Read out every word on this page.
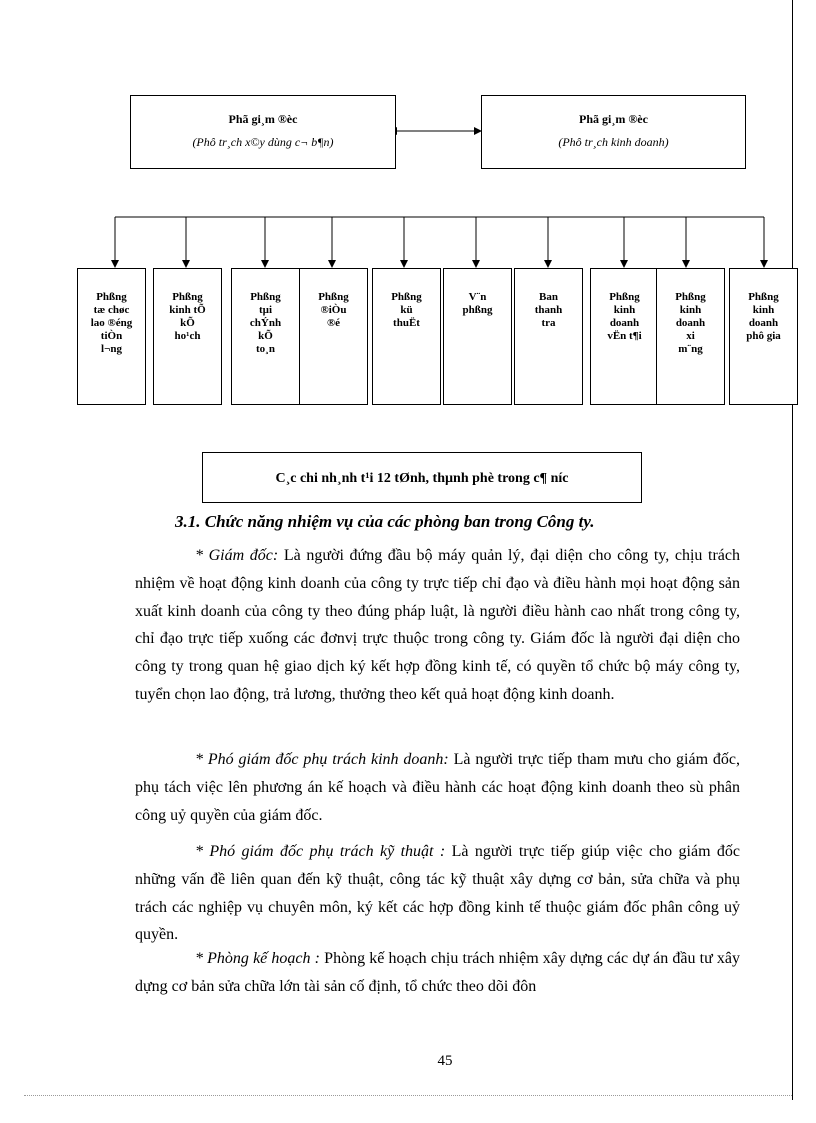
Phã gi¸m ®èc
(Phô tr¸ch x©y dùng c¬ b¶n)
Phã gi¸m ®èc
(Phô tr¸ch kinh doanh)
Phßng
tæ chøc
lao ®éng
tiÒn
l¬ng
Phßng
kinh tÕ
kÕ
ho¹ch
Phßng
tµi
chÝnh
kÕ
to¸n
Phßng
®iÒu
®é
Phßng
kü
thuËt
V¨n
phßng
Ban
thanh
tra
Phßng
kinh
doanh
vËn t¶i
Phßng
kinh
doanh
xi
m¨ng
Phßng
kinh
doanh
phô gia
C¸c chi nh¸nh t¹i 12 tØnh, thµnh phè trong c¶ níc
3.1. Chức năng nhiệm vụ của các phòng ban trong Công ty.

* Giám đốc: Là người đứng đầu bộ máy quản lý, đại diện cho công ty, chịu trách nhiệm về hoạt động kinh doanh của công ty trực tiếp chỉ đạo và điều hành mọi hoạt động sản xuất kinh doanh của công ty theo đúng pháp luật, là người điều hành cao nhất trong công ty, chỉ đạo trực tiếp xuống các đơnvị trực thuộc trong công ty. Giám đốc là người đại diện cho công ty trong quan hệ giao dịch ký kết hợp đồng kinh tế, có quyền tổ chức bộ máy công ty, tuyển chọn lao động, trả lương, thưởng theo kết quả hoạt động kinh doanh.

* Phó giám đốc phụ trách kinh doanh: Là người trực tiếp tham mưu cho giám đốc, phụ tách việc lên phương án kế hoạch và điều hành các hoạt động kinh doanh theo sù phân công uỷ quyền của giám đốc.

* Phó giám đốc phụ trách kỹ thuật : Là người trực tiếp giúp việc cho giám đốc những vấn đề liên quan đến kỹ thuật, công tác kỹ thuật xây dựng cơ bản, sửa chữa và phụ trách các nghiệp vụ chuyên môn, ký kết các hợp đồng kinh tế thuộc giám đốc phân công uỷ quyền.

* Phòng kế hoạch : Phòng kế hoạch chịu trách nhiệm xây dựng các dự án đầu tư xây dựng cơ bản sửa chữa lớn tài sản cố định, tổ chức theo dõi đôn

45
